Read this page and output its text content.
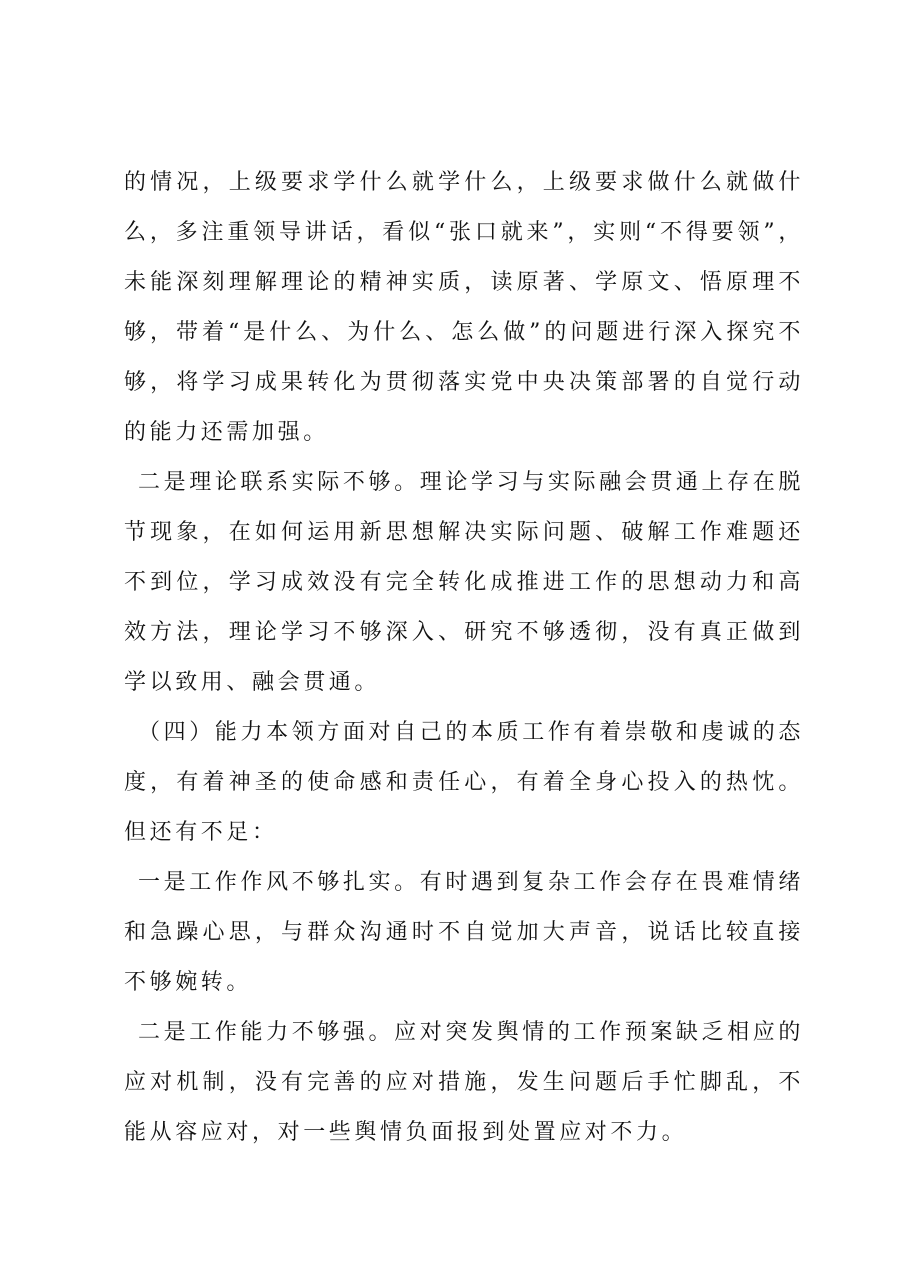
的情况，上级要求学什么就学什么，上级要求做什么就做什么，多注重领导讲话，看似“张口就来”，实则“不得要领”，未能深刻理解理论的精神实质，读原著、学原文、悟原理不够，带着“是什么、为什么、怎么做”的问题进行深入探究不够，将学习成果转化为贯彻落实党中央决策部署的自觉行动的能力还需加强。

二是理论联系实际不够。理论学习与实际融会贯通上存在脱节现象，在如何运用新思想解决实际问题、破解工作难题还不到位，学习成效没有完全转化成推进工作的思想动力和高效方法，理论学习不够深入、研究不够透彻，没有真正做到学以致用、融会贯通。

（四）能力本领方面对自己的本质工作有着崇敬和虔诚的态度，有着神圣的使命感和责任心，有着全身心投入的热忱。但还有不足：

一是工作作风不够扎实。有时遇到复杂工作会存在畏难情绪和急躁心思，与群众沟通时不自觉加大声音，说话比较直接不够婉转。

二是工作能力不够强。应对突发舆情的工作预案缺乏相应的应对机制，没有完善的应对措施，发生问题后手忙脚乱，不能从容应对，对一些舆情负面报到处置应对不力。
